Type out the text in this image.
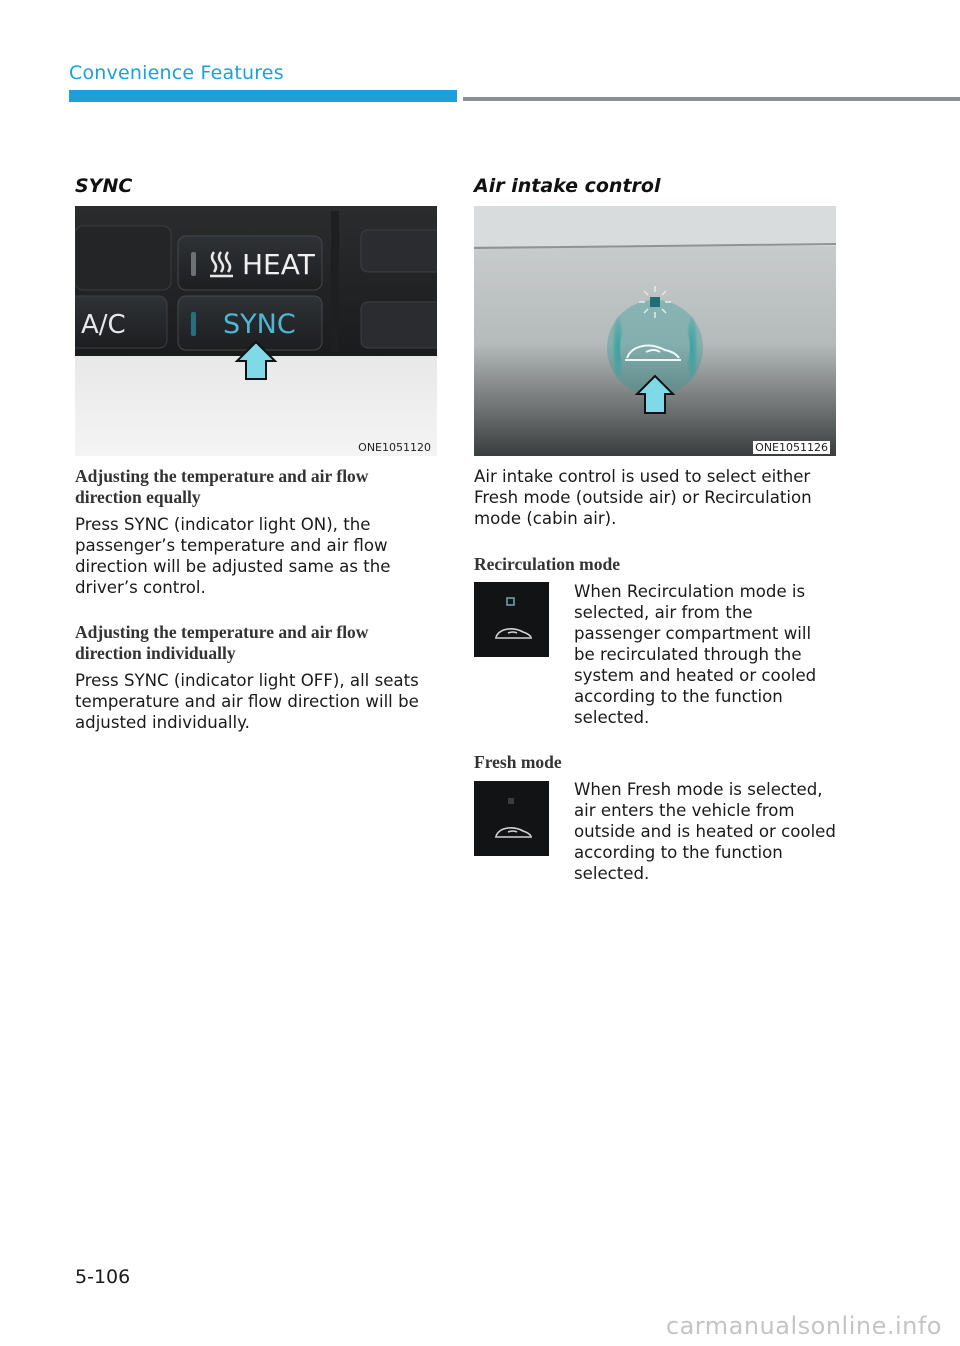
Convenience Features
SYNC
HEAT
A/C	SYNC
ONE1051120
Adjusting the temperature and air flow direction equally
Press SYNC (indicator light ON), the passenger’s temperature and air flow direction will be adjusted same as the driver’s control.
Adjusting the temperature and air flow direction individually
Press SYNC (indicator light OFF), all seats temperature and air flow direction will be adjusted individually.
Air intake control
ONE1051126
Air intake control is used to select either Fresh mode (outside air) or Recirculation mode (cabin air).
Recirculation mode
When Recirculation mode is selected, air from the passenger compartment will be recirculated through the system and heated or cooled according to the function selected.
Fresh mode
When Fresh mode is selected, air enters the vehicle from outside and is heated or cooled according to the function selected.
5-106
carmanualsonline.info
